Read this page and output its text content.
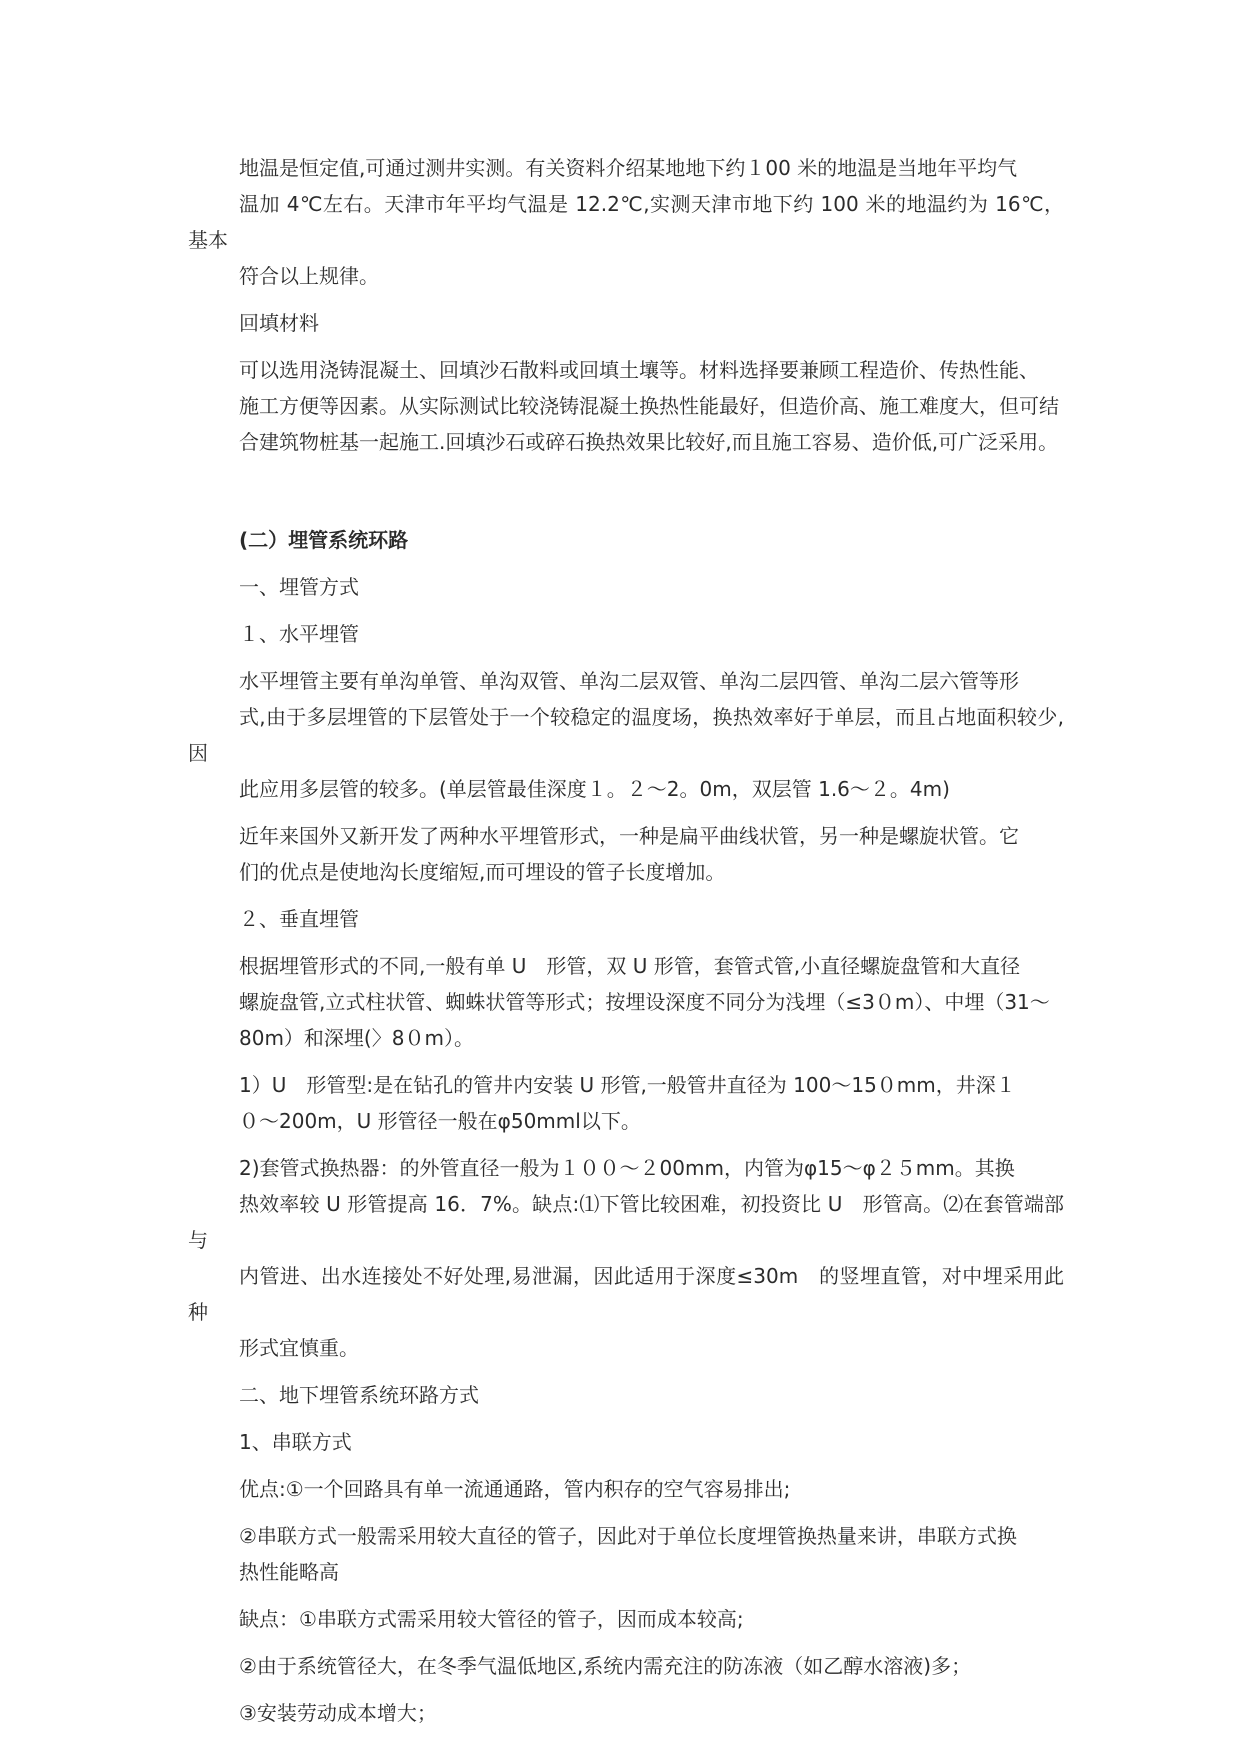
地温是恒定值,可通过测井实测。有关资料介绍某地地下约１00 米的地温是当地年平均气
温加 4℃左右。天津市年平均气温是 12.2℃,实测天津市地下约 100 米的地温约为 16℃，基本
符合以上规律。

回填材料

可以选用浇铸混凝土、回填沙石散料或回填土壤等。材料选择要兼顾工程造价、传热性能、
施工方便等因素。从实际测试比较浇铸混凝土换热性能最好，但造价高、施工难度大，但可结
合建筑物桩基一起施工.回填沙石或碎石换热效果比较好,而且施工容易、造价低,可广泛采用。

(二）埋管系统环路

一、埋管方式

１、水平埋管

水平埋管主要有单沟单管、单沟双管、单沟二层双管、单沟二层四管、单沟二层六管等形
式,由于多层埋管的下层管处于一个较稳定的温度场，换热效率好于单层，而且占地面积较少,因
此应用多层管的较多。(单层管最佳深度１。２～2。0m，双层管 1.6～２。4m)

近年来国外又新开发了两种水平埋管形式，一种是扁平曲线状管，另一种是螺旋状管。它
们的优点是使地沟长度缩短,而可埋设的管子长度增加。

２、垂直埋管

根据埋管形式的不同,一般有单 U　形管，双 U 形管，套管式管,小直径螺旋盘管和大直径
螺旋盘管,立式柱状管、蜘蛛状管等形式；按埋设深度不同分为浅埋（≤3０m）、中埋（31～
80m）和深埋(〉8０m）。

1）U　形管型:是在钻孔的管井内安装 U 形管,一般管井直径为 100～15０mm，井深１
０～200m，U 形管径一般在φ50mml以下。

2)套管式换热器：的外管直径一般为１００～２00mm，内管为φ15～φ２５mm。其换
热效率较 U 形管提高 16．7%。缺点:⑴下管比较困难，初投资比 U　形管高。⑵在套管端部与
内管进、出水连接处不好处理,易泄漏，因此适用于深度≤30m　的竖埋直管，对中埋采用此种
形式宜慎重。

二、地下埋管系统环路方式

1、串联方式

优点:①一个回路具有单一流通通路，管内积存的空气容易排出;

②串联方式一般需采用较大直径的管子，因此对于单位长度埋管换热量来讲，串联方式换
热性能略高

缺点：①串联方式需采用较大管径的管子，因而成本较高;

②由于系统管径大，在冬季气温低地区,系统内需充注的防冻液（如乙醇水溶液)多；

③安装劳动成本增大；
